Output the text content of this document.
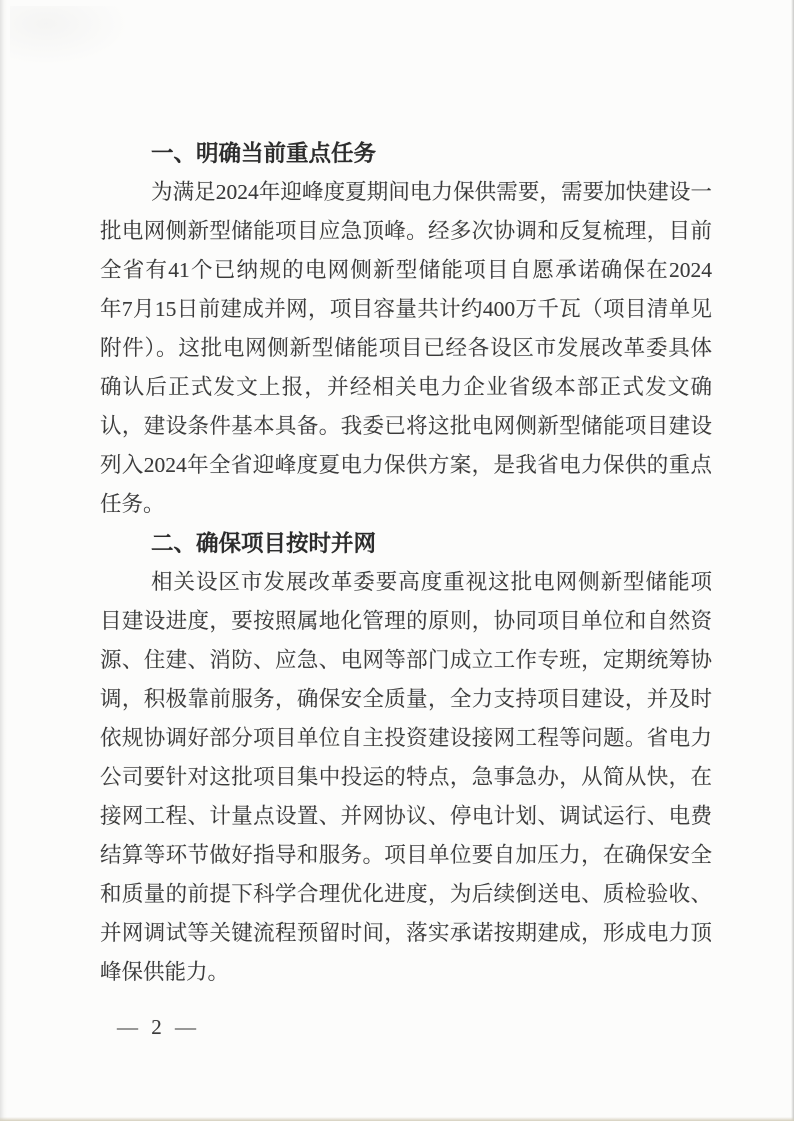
一、明确当前重点任务
为满足2024年迎峰度夏期间电力保供需要，需要加快建设一
批电网侧新型储能项目应急顶峰。经多次协调和反复梳理，目前
全省有41个已纳规的电网侧新型储能项目自愿承诺确保在2024
年7月15日前建成并网，项目容量共计约400万千瓦（项目清单见
附件）。这批电网侧新型储能项目已经各设区市发展改革委具体
确认后正式发文上报，并经相关电力企业省级本部正式发文确
认，建设条件基本具备。我委已将这批电网侧新型储能项目建设
列入2024年全省迎峰度夏电力保供方案，是我省电力保供的重点
任务。
二、确保项目按时并网
相关设区市发展改革委要高度重视这批电网侧新型储能项
目建设进度，要按照属地化管理的原则，协同项目单位和自然资
源、住建、消防、应急、电网等部门成立工作专班，定期统筹协
调，积极靠前服务，确保安全质量，全力支持项目建设，并及时
依规协调好部分项目单位自主投资建设接网工程等问题。省电力
公司要针对这批项目集中投运的特点，急事急办，从简从快，在
接网工程、计量点设置、并网协议、停电计划、调试运行、电费
结算等环节做好指导和服务。项目单位要自加压力，在确保安全
和质量的前提下科学合理优化进度，为后续倒送电、质检验收、
并网调试等关键流程预留时间，落实承诺按期建成，形成电力顶
峰保供能力。
— 2 —
